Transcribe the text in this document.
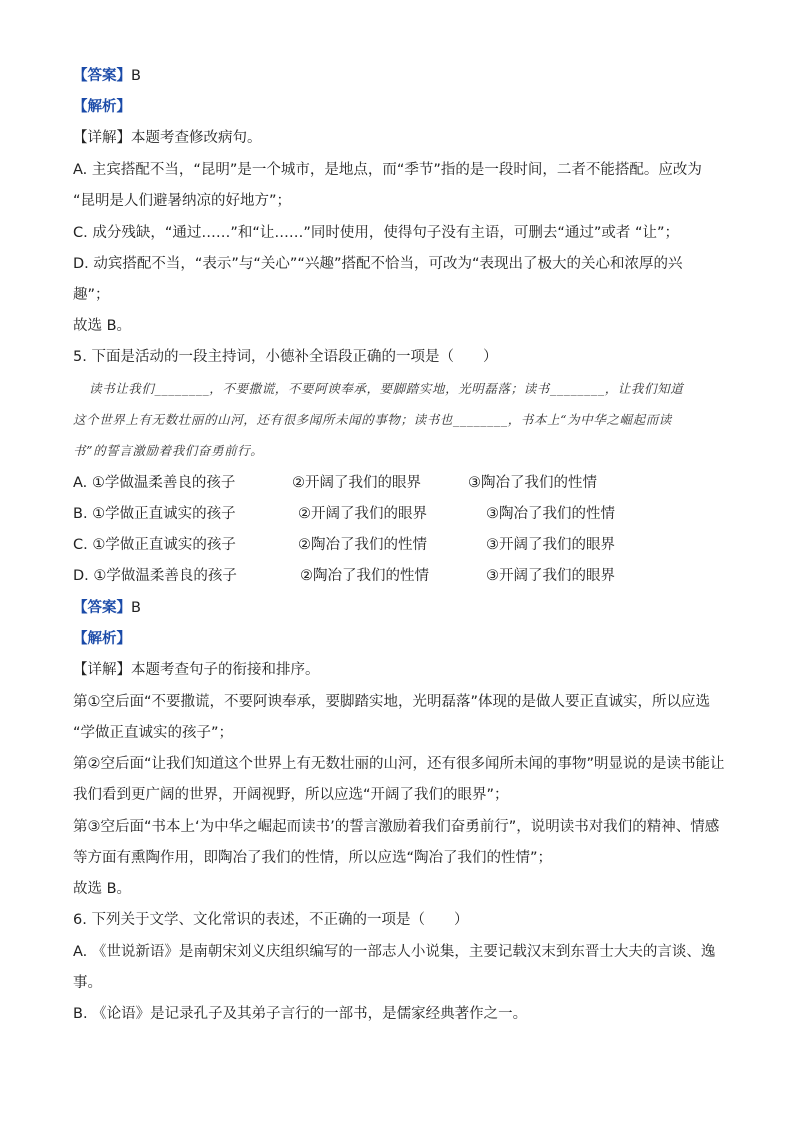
【答案】B
【解析】
【详解】本题考查修改病句。
A. 主宾搭配不当，“昆明”是一个城市，是地点，而“季节”指的是一段时间，二者不能搭配。应改为
“昆明是人们避暑纳凉的好地方”；
C. 成分残缺，“通过……”和“让……”同时使用，使得句子没有主语，可删去“通过”或者 “让”；
D. 动宾搭配不当，“表示”与“关心”“兴趣”搭配不恰当，可改为“表现出了极大的关心和浓厚的兴
趣”；
故选 B。
5. 下面是活动的一段主持词，小德补全语段正确的一项是（　　）
读书让我们________，不要撒谎，不要阿谀奉承，要脚踏实地，光明磊落；读书________，让我们知道
这个世界上有无数壮丽的山河，还有很多闻所未闻的事物；读书也________，书本上“为中华之崛起而读
书”的誓言激励着我们奋勇前行。
A. ①学做温柔善良的孩子	②开阔了我们的眼界	③陶冶了我们的性情
B. ①学做正直诚实的孩子	②开阔了我们的眼界	③陶冶了我们的性情
C. ①学做正直诚实的孩子	②陶冶了我们的性情	③开阔了我们的眼界
D. ①学做温柔善良的孩子	②陶冶了我们的性情	③开阔了我们的眼界
【答案】B
【解析】
【详解】本题考查句子的衔接和排序。
第①空后面“不要撒谎，不要阿谀奉承，要脚踏实地，光明磊落”体现的是做人要正直诚实，所以应选
“学做正直诚实的孩子”；
第②空后面“让我们知道这个世界上有无数壮丽的山河，还有很多闻所未闻的事物”明显说的是读书能让
我们看到更广阔的世界，开阔视野，所以应选“开阔了我们的眼界”；
第③空后面“书本上‘为中华之崛起而读书’的誓言激励着我们奋勇前行”，说明读书对我们的精神、情感
等方面有熏陶作用，即陶冶了我们的性情，所以应选“陶冶了我们的性情”；
故选 B。
6. 下列关于文学、文化常识的表述，不正确的一项是（　　）
A. 《世说新语》是南朝宋刘义庆组织编写的一部志人小说集，主要记载汉末到东晋士大夫的言谈、逸
事。
B. 《论语》是记录孔子及其弟子言行的一部书，是儒家经典著作之一。
